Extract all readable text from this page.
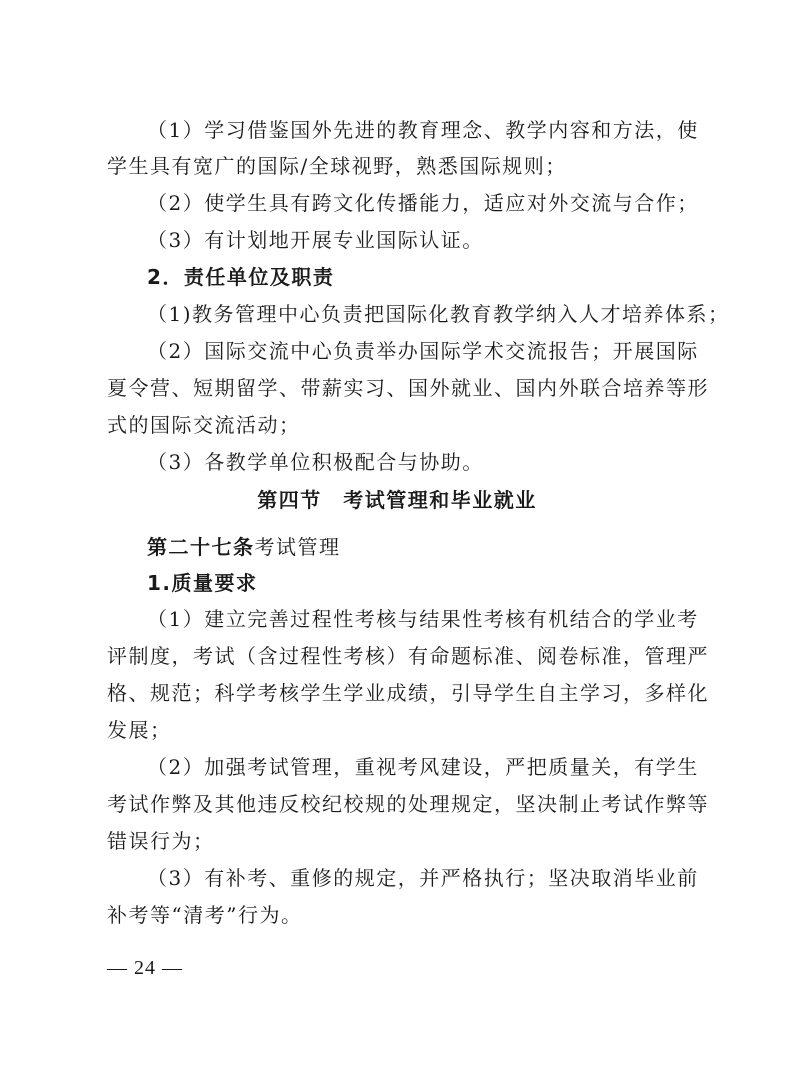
（1）学习借鉴国外先进的教育理念、教学内容和方法，使
学生具有宽广的国际/全球视野，熟悉国际规则；
（2）使学生具有跨文化传播能力，适应对外交流与合作；
（3）有计划地开展专业国际认证。
2．责任单位及职责
（1)教务管理中心负责把国际化教育教学纳入人才培养体系；
（2）国际交流中心负责举办国际学术交流报告；开展国际
夏令营、短期留学、带薪实习、国外就业、国内外联合培养等形
式的国际交流活动；
（3）各教学单位积极配合与协助。
第四节　考试管理和毕业就业
第二十七条考试管理
1.质量要求
（1）建立完善过程性考核与结果性考核有机结合的学业考
评制度，考试（含过程性考核）有命题标准、阅卷标准，管理严
格、规范；科学考核学生学业成绩，引导学生自主学习，多样化
发展；
（2）加强考试管理，重视考风建设，严把质量关，有学生
考试作弊及其他违反校纪校规的处理规定，坚决制止考试作弊等
错误行为；
（3）有补考、重修的规定，并严格执行；坚决取消毕业前
补考等“清考”行为。
— 24 —
